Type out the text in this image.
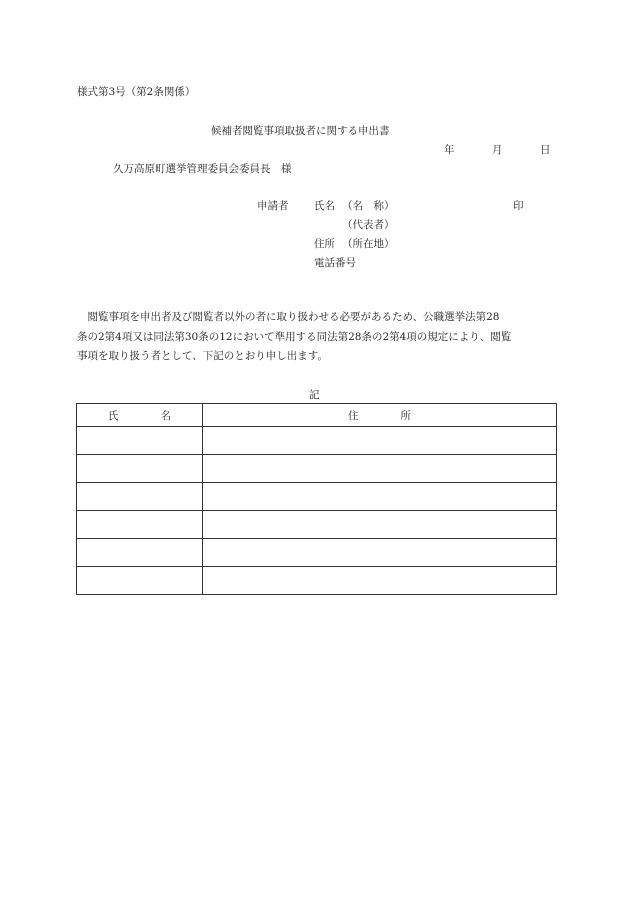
様式第3号（第2条関係）
候補者閲覧事項取扱者に関する申出書
年	月	日
久万高原町選挙管理委員会委員長　様
申請者 氏名 （名　称）	印
（代表者）
住所 （所在地）
電話番号
　閲覧事項を申出者及び閲覧者以外の者に取り扱わせる必要があるため、公職選挙法第28
条の2第4項又は同法第30条の12において準用する同法第28条の2第4項の規定により、閲覧
事項を取り扱う者として、下記のとおり申し出ます。
記
氏　　　　名	住　　　　所
